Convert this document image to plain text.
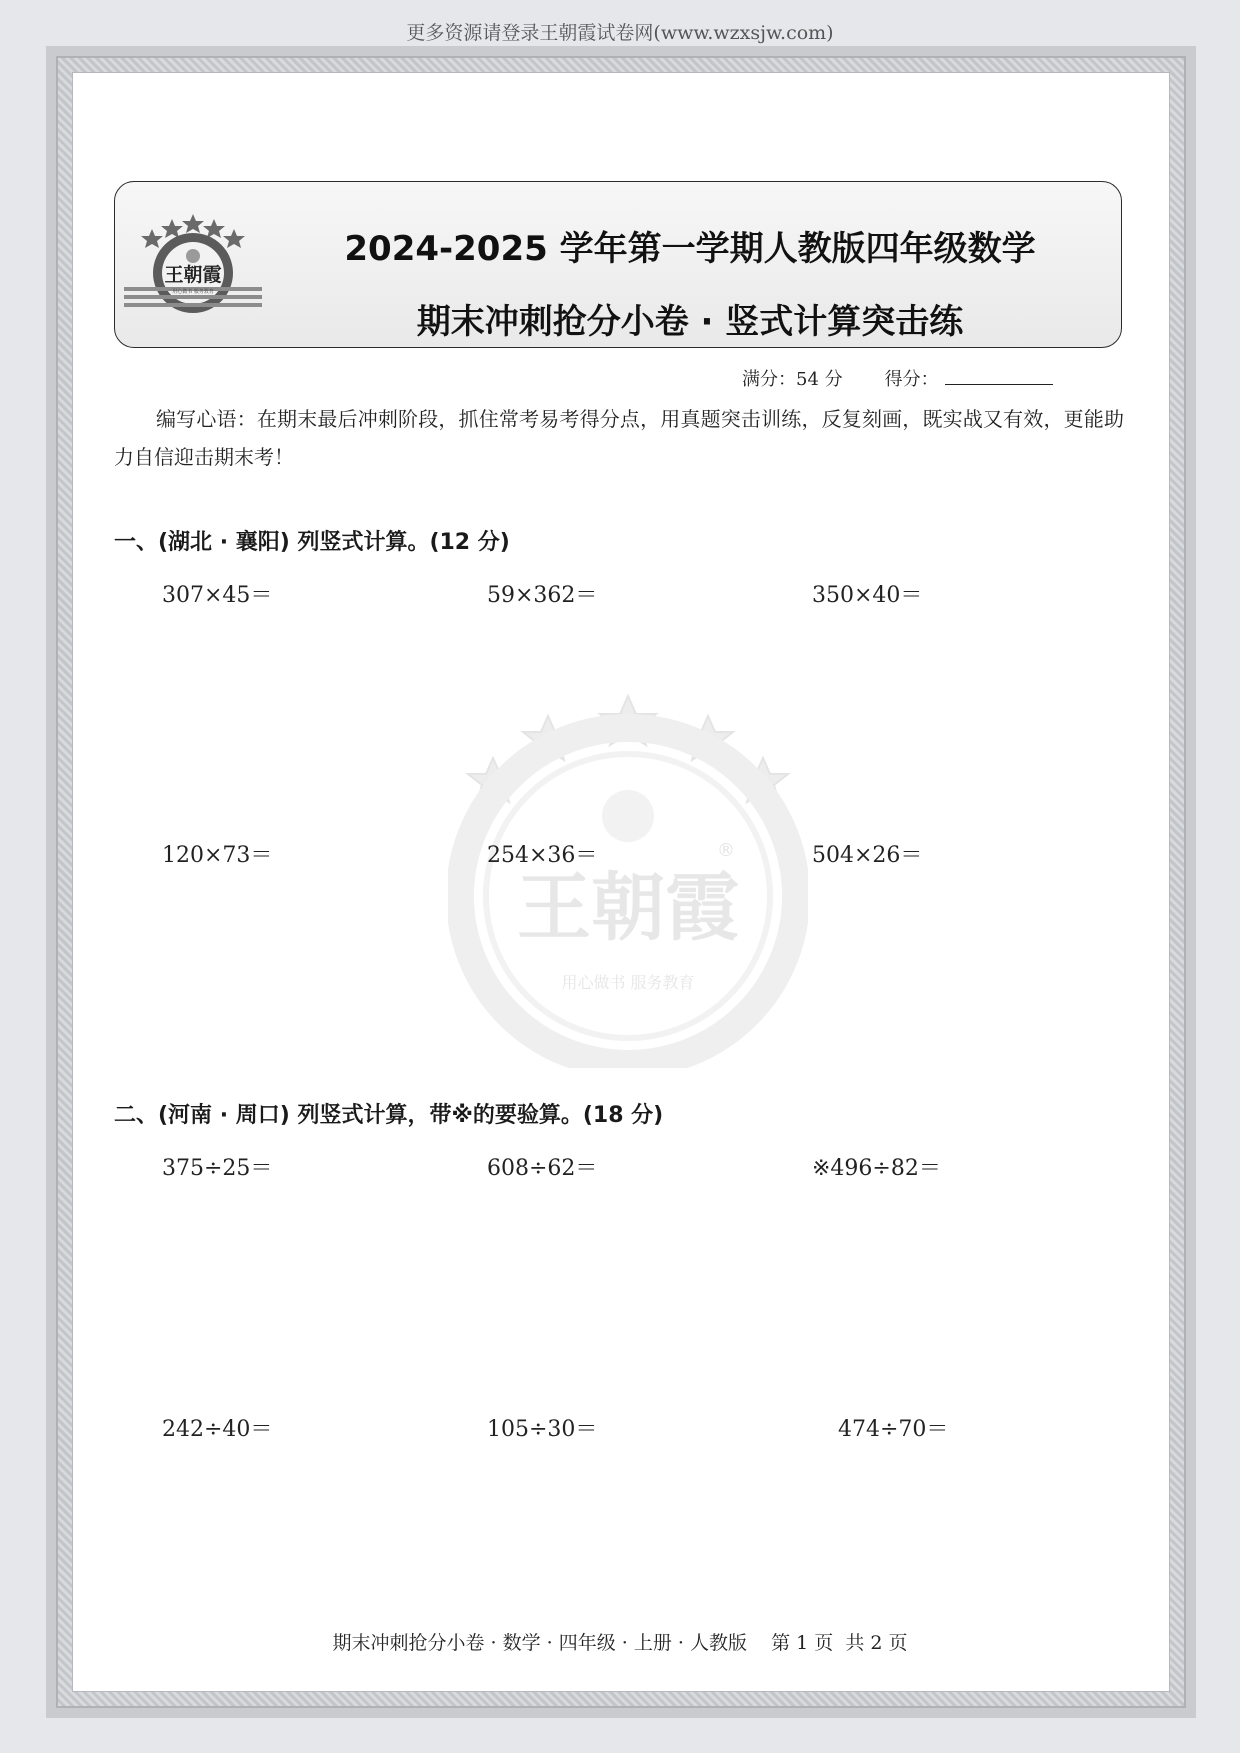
更多资源请登录王朝霞试卷网(www.wzxsjw.com)
王朝霞
用心做书 服务教育
2024-2025 学年第一学期人教版四年级数学
期末冲刺抢分小卷 · 竖式计算突击练
满分：54 分 得分：
编写心语：在期末最后冲刺阶段，抓住常考易考得分点，用真题突击训练，反复刻画，既实战又有效，更能助力自信迎击期末考！
王朝霞
用心做书 服务教育
®
一、(湖北 · 襄阳) 列竖式计算。(12 分)
307×45＝	59×362＝	350×40＝
120×73＝	254×36＝	504×26＝
二、(河南 · 周口) 列竖式计算，带※的要验算。(18 分)
375÷25＝	608÷62＝	※496÷82＝
242÷40＝	105÷30＝	474÷70＝
期末冲刺抢分小卷 · 数学 · 四年级 · 上册 · 人教版    第 1 页  共 2 页
